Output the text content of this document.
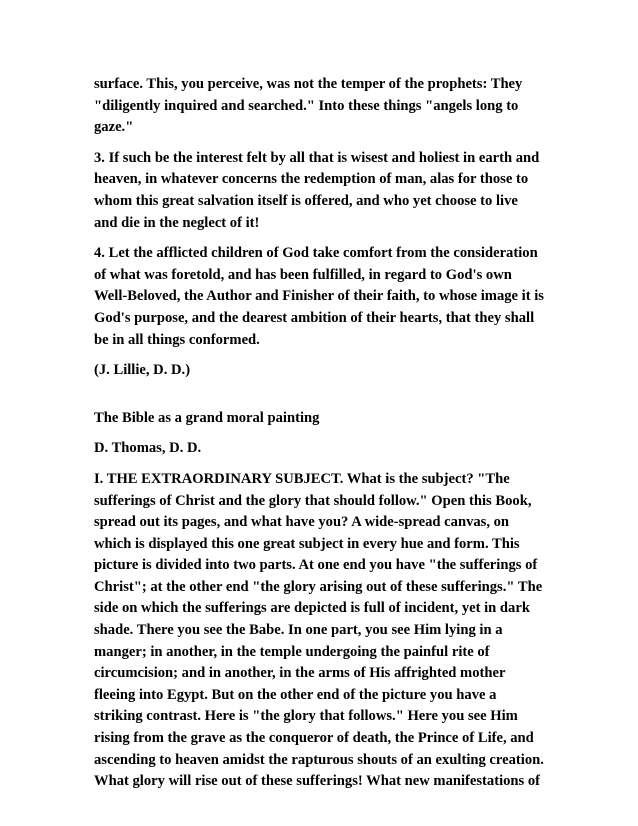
surface. This, you perceive, was not the temper of the prophets: They
"diligently inquired and searched." Into these things "angels long to
gaze."
3. If such be the interest felt by all that is wisest and holiest in earth and
heaven, in whatever concerns the redemption of man, alas for those to
whom this great salvation itself is offered, and who yet choose to live
and die in the neglect of it!
4. Let the afflicted children of God take comfort from the consideration
of what was foretold, and has been fulfilled, in regard to God's own
Well-Beloved, the Author and Finisher of their faith, to whose image it is
God's purpose, and the dearest ambition of their hearts, that they shall
be in all things conformed.
(J. Lillie, D. D.)
The Bible as a grand moral painting
D. Thomas, D. D.
I. THE EXTRAORDINARY SUBJECT. What is the subject? "The
sufferings of Christ and the glory that should follow." Open this Book,
spread out its pages, and what have you? A wide-spread canvas, on
which is displayed this one great subject in every hue and form. This
picture is divided into two parts. At one end you have "the sufferings of
Christ"; at the other end "the glory arising out of these sufferings." The
side on which the sufferings are depicted is full of incident, yet in dark
shade. There you see the Babe. In one part, you see Him lying in a
manger; in another, in the temple undergoing the painful rite of
circumcision; and in another, in the arms of His affrighted mother
fleeing into Egypt. But on the other end of the picture you have a
striking contrast. Here is "the glory that follows." Here you see Him
rising from the grave as the conqueror of death, the Prince of Life, and
ascending to heaven amidst the rapturous shouts of an exulting creation.
What glory will rise out of these sufferings! What new manifestations of
